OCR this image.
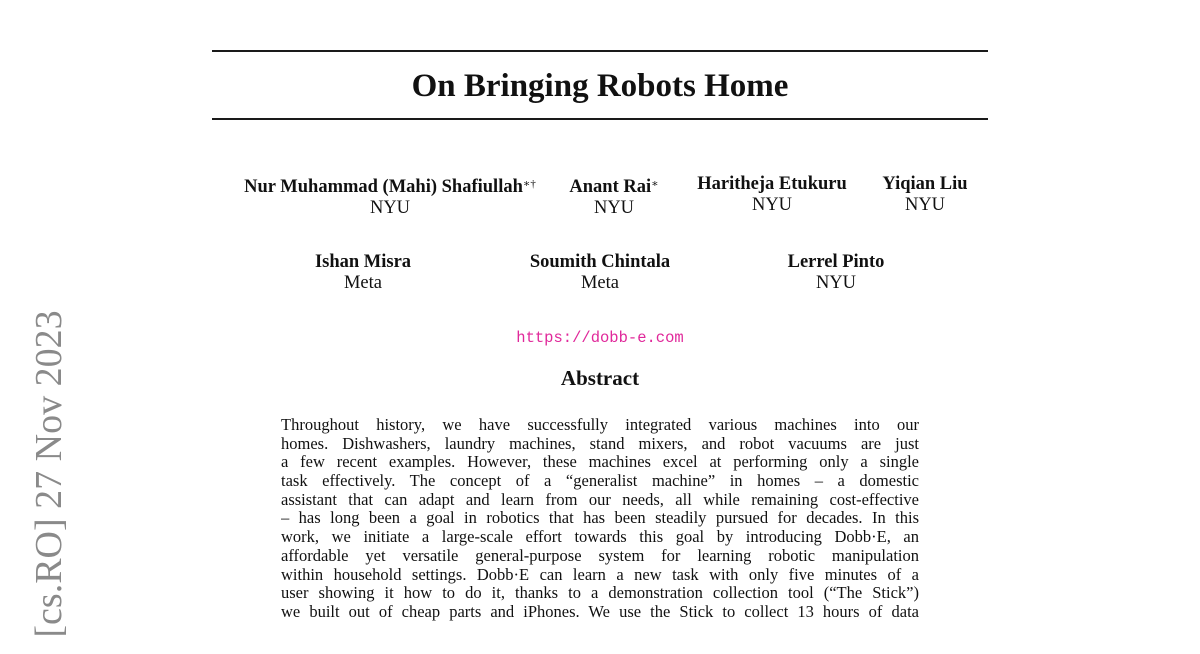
On Bringing Robots Home
Nur Muhammad (Mahi) Shafiullah∗†
NYU
Anant Rai∗
NYU
Haritheja Etukuru
NYU
Yiqian Liu
NYU
Ishan Misra
Meta
Soumith Chintala
Meta
Lerrel Pinto
NYU
https://dobb-e.com
Abstract
Throughout history, we have successfully integrated various machines into our
homes. Dishwashers, laundry machines, stand mixers, and robot vacuums are just
a few recent examples. However, these machines excel at performing only a single
task effectively. The concept of a “generalist machine” in homes – a domestic
assistant that can adapt and learn from our needs, all while remaining cost-effective
– has long been a goal in robotics that has been steadily pursued for decades. In this
work, we initiate a large-scale effort towards this goal by introducing Dobb·E, an
affordable yet versatile general-purpose system for learning robotic manipulation
within household settings. Dobb·E can learn a new task with only five minutes of a
user showing it how to do it, thanks to a demonstration collection tool (“The Stick”)
we built out of cheap parts and iPhones. We use the Stick to collect 13 hours of data
[cs.RO] 27 Nov 2023
